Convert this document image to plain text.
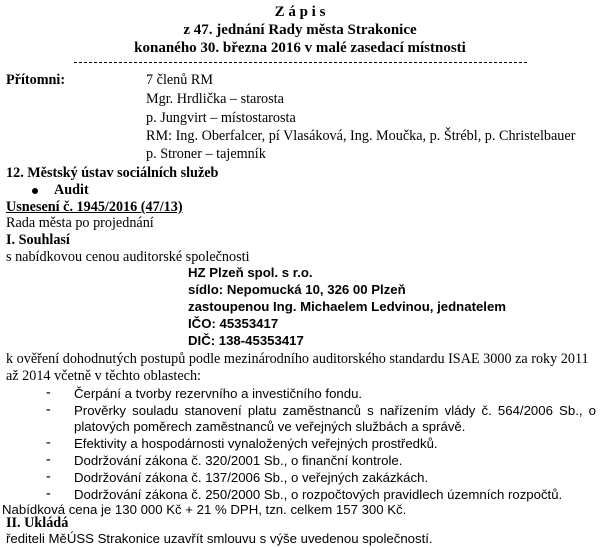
Z á p i s
z 47. jednání Rady města Strakonice
konaného 30. března 2016 v malé zasedací místnosti
Přítomni:	7 členů RM
Mgr. Hrdlička – starosta
p. Jungvirt – místostarosta
RM: Ing. Oberfalcer, pí Vlasáková, Ing. Moučka, p. Štrébl, p. Christelbauer
p. Stroner – tajemník
12. Městský ústav sociálních služeb
Audit
Usnesení č. 1945/2016 (47/13)
Rada města po projednání
I. Souhlasí
s nabídkovou cenou auditorské společnosti
HZ Plzeň spol. s r.o.
sídlo: Nepomucká 10, 326 00 Plzeň
zastoupenou Ing. Michaelem Ledvinou, jednatelem
IČO: 45353417
DIČ: 138-45353417
k ověření dohodnutých postupů podle mezinárodního auditorského standardu ISAE 3000 za roky 2011
až 2014 včetně v těchto oblastech:
-	Čerpání a tvorby rezervního a investičního fondu.
-	Prověrky souladu stanovení platu zaměstnanců s nařízením vlády č. 564/2006 Sb., o
platových poměrech zaměstnanců ve veřejných službách a správě.
-	Efektivity a hospodárnosti vynaložených veřejných prostředků.
-	Dodržování zákona č. 320/2001 Sb., o finanční kontrole.
-	Dodržování zákona č. 137/2006 Sb., o veřejných zakázkách.
-	Dodržování zákona č. 250/2000 Sb., o rozpočtových pravidlech územních rozpočtů.
Nabídková cena je 130 000 Kč + 21 % DPH, tzn. celkem 157 300 Kč.
II. Ukládá
řediteli MěÚSS Strakonice uzavřít smlouvu s výše uvedenou společností.
